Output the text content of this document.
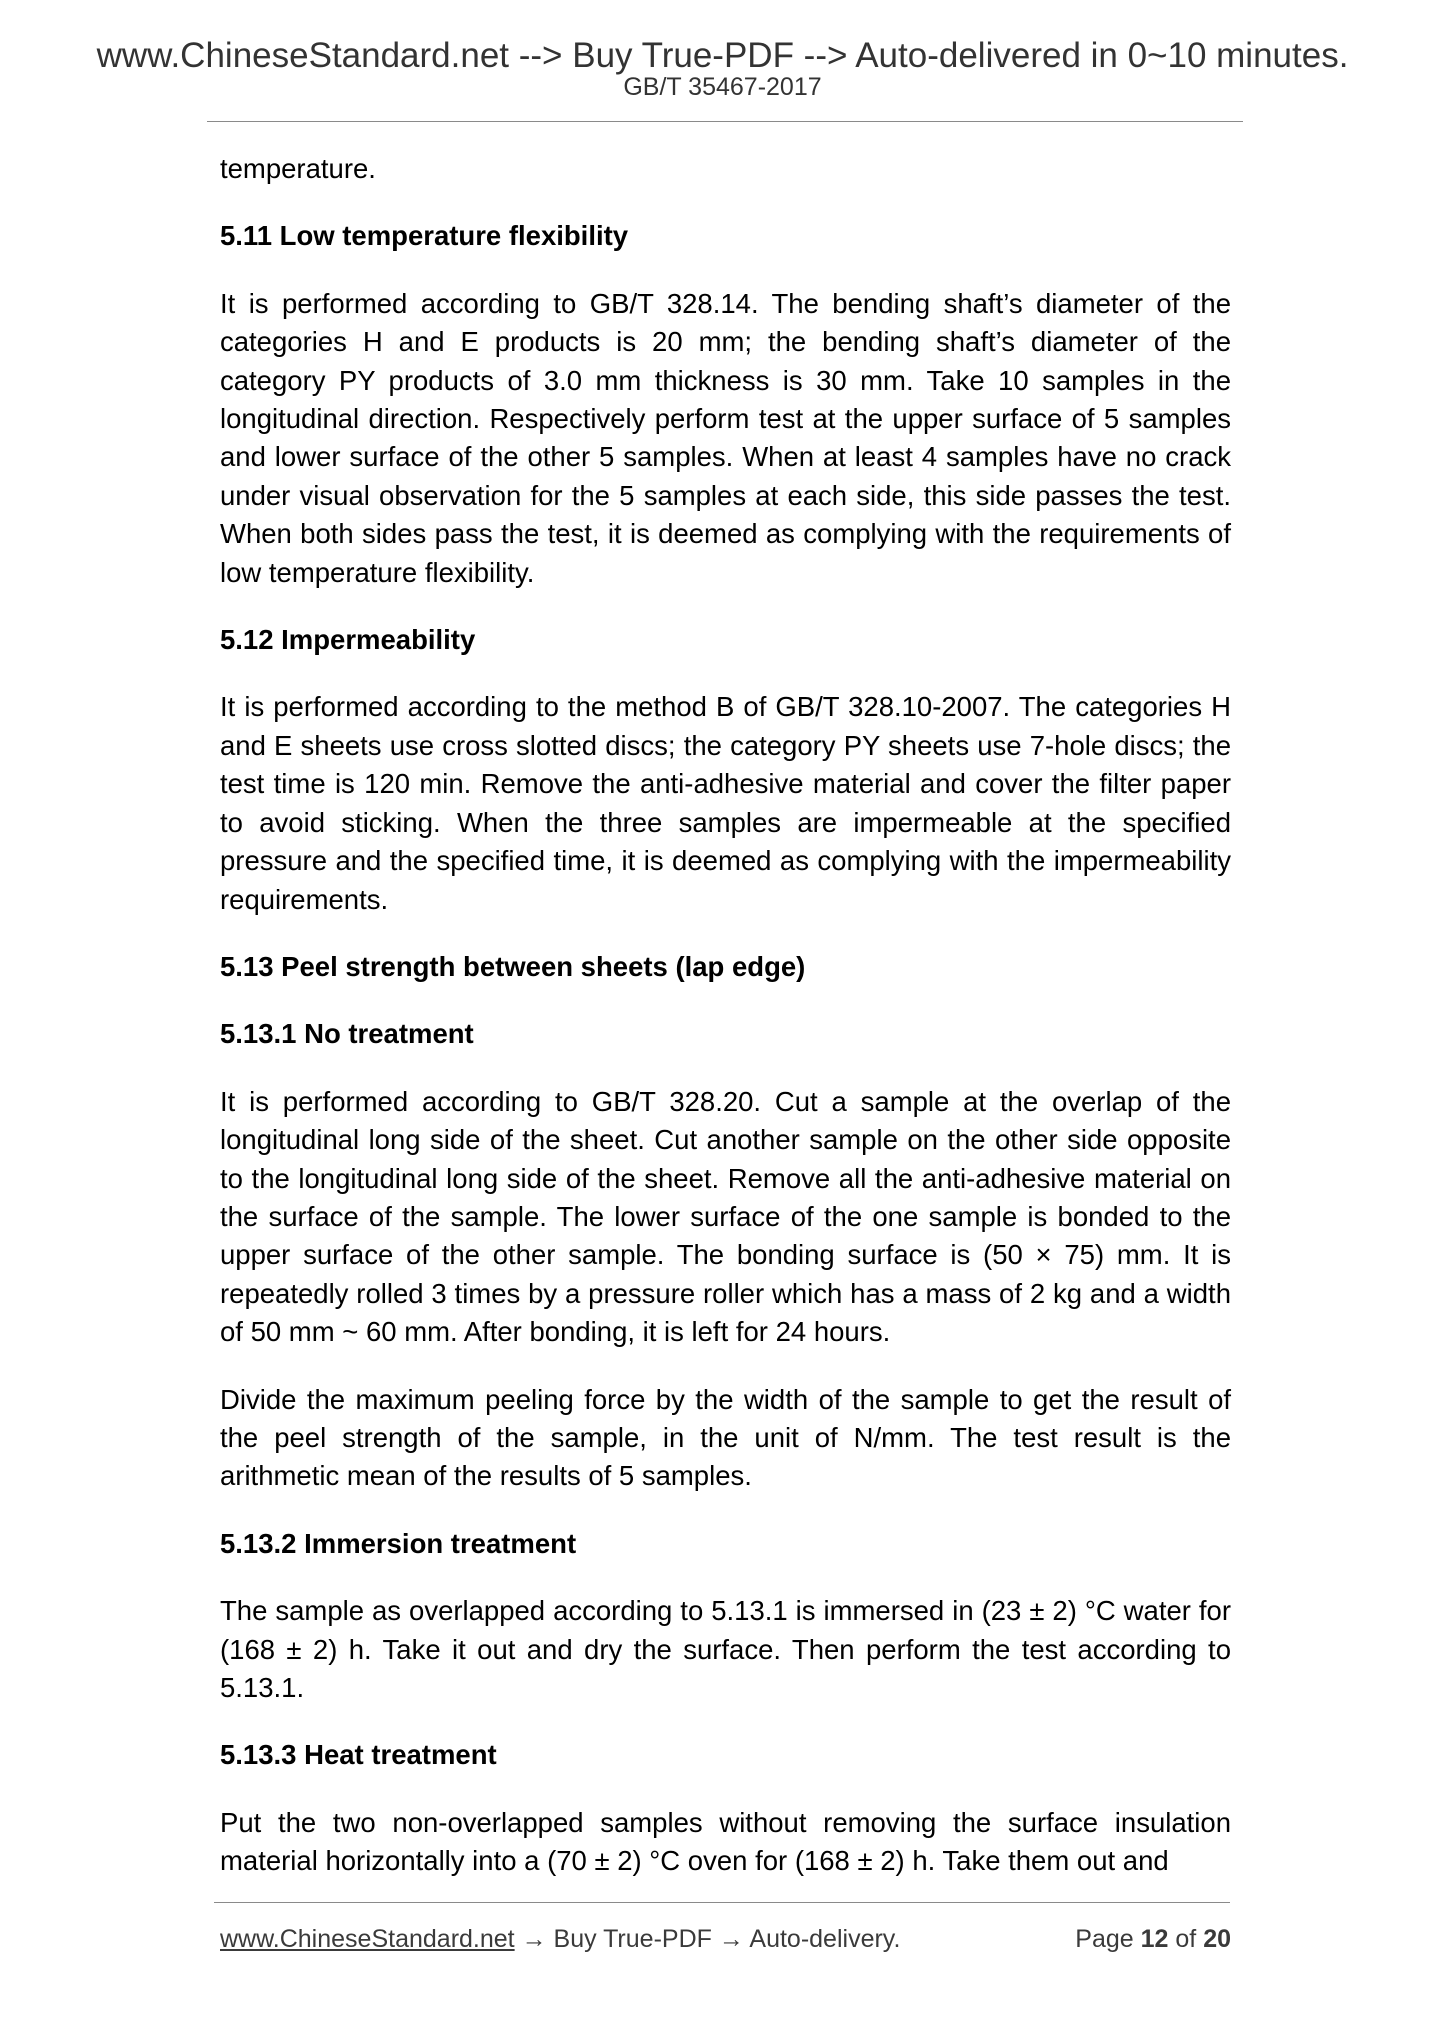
www.ChineseStandard.net --> Buy True-PDF --> Auto-delivered in 0~10 minutes.
GB/T 35467-2017

temperature.

5.11 Low temperature flexibility

It is performed according to GB/T 328.14. The bending shaft’s diameter of the categories H and E products is 20 mm; the bending shaft’s diameter of the category PY products of 3.0 mm thickness is 30 mm. Take 10 samples in the longitudinal direction. Respectively perform test at the upper surface of 5 samples and lower surface of the other 5 samples. When at least 4 samples have no crack under visual observation for the 5 samples at each side, this side passes the test. When both sides pass the test, it is deemed as complying with the requirements of low temperature flexibility.

5.12 Impermeability

It is performed according to the method B of GB/T 328.10-2007. The categories H and E sheets use cross slotted discs; the category PY sheets use 7-hole discs; the test time is 120 min. Remove the anti-adhesive material and cover the filter paper to avoid sticking. When the three samples are impermeable at the specified pressure and the specified time, it is deemed as complying with the impermeability requirements.

5.13 Peel strength between sheets (lap edge)
5.13.1 No treatment

It is performed according to GB/T 328.20. Cut a sample at the overlap of the longitudinal long side of the sheet. Cut another sample on the other side opposite to the longitudinal long side of the sheet. Remove all the anti-adhesive material on the surface of the sample. The lower surface of the one sample is bonded to the upper surface of the other sample. The bonding surface is (50 × 75) mm. It is repeatedly rolled 3 times by a pressure roller which has a mass of 2 kg and a width of 50 mm ~ 60 mm. After bonding, it is left for 24 hours.

Divide the maximum peeling force by the width of the sample to get the result of the peel strength of the sample, in the unit of N/mm. The test result is the arithmetic mean of the results of 5 samples.

5.13.2 Immersion treatment

The sample as overlapped according to 5.13.1 is immersed in (23 ± 2) °C water for (168 ± 2) h. Take it out and dry the surface. Then perform the test according to 5.13.1.

5.13.3 Heat treatment

Put the two non-overlapped samples without removing the surface insulation material horizontally into a (70 ± 2) °C oven for (168 ± 2) h. Take them out and

www.ChineseStandard.net → Buy True-PDF → Auto-delivery.	Page 12 of 20
